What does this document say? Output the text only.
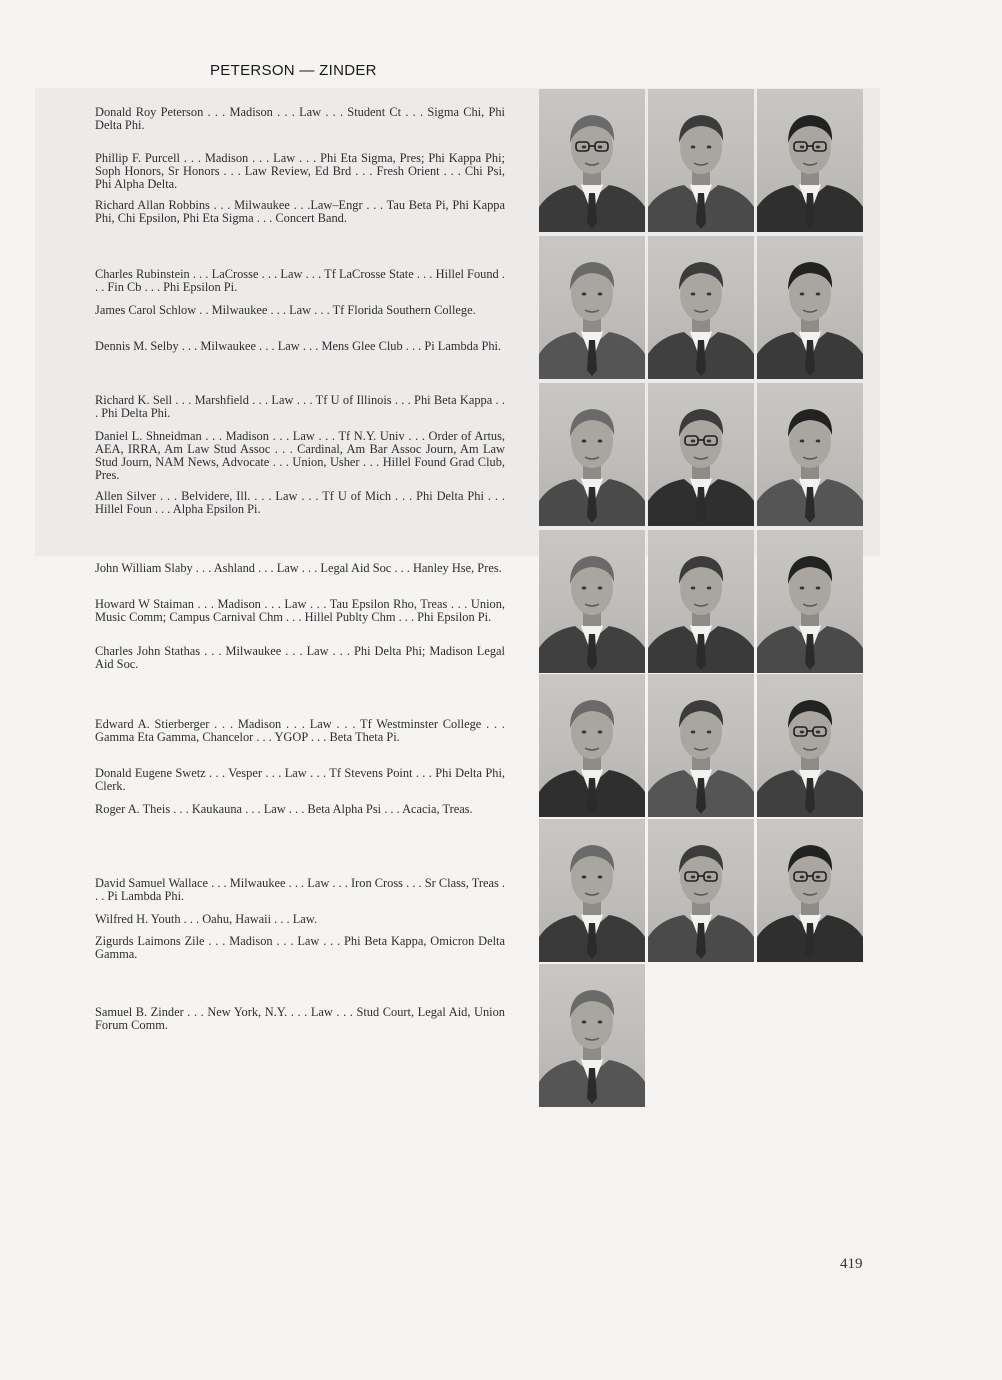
PETERSON — ZINDER

Donald Roy Peterson . . . Madison . . . Law . . . Student Ct . . . Sigma Chi, Phi Delta Phi.

Phillip F. Purcell . . . Madison . . . Law . . . Phi Eta Sigma, Pres; Phi Kappa Phi; Soph Honors, Sr Honors . . . Law Review, Ed Brd . . . Fresh Orient . . . Chi Psi, Phi Alpha Delta.

Richard Allan Robbins . . . Milwaukee . . .Law–Engr . . . Tau Beta Pi, Phi Kappa Phi, Chi Epsilon, Phi Eta Sigma . . . Concert Band.

Charles Rubinstein . . . LaCrosse . . . Law . . . Tf LaCrosse State . . . Hillel Found . . . Fin Cb . . . Phi Epsilon Pi.

James Carol Schlow . . Milwaukee . . . Law . . . Tf Florida Southern College.

Dennis M. Selby . . . Milwaukee . . . Law . . . Mens Glee Club . . . Pi Lambda Phi.

Richard K. Sell . . . Marshfield . . . Law . . . Tf U of Illinois . . . Phi Beta Kappa . . . Phi Delta Phi.

Daniel L. Shneidman . . . Madison . . . Law . . . Tf N.Y. Univ . . . Order of Artus, AEA, IRRA, Am Law Stud Assoc . . . Cardinal, Am Bar Assoc Journ, Am Law Stud Journ, NAM News, Advocate . . . Union, Usher . . . Hillel Found Grad Club, Pres.

Allen Silver . . . Belvidere, Ill. . . . Law . . . Tf U of Mich . . . Phi Delta Phi . . . Hillel Foun . . . Alpha Epsilon Pi.

John William Slaby . . . Ashland . . . Law . . . Legal Aid Soc . . . Hanley Hse, Pres.

Howard W Staiman . . . Madison . . . Law . . . Tau Epsilon Rho, Treas . . . Union, Music Comm; Campus Carnival Chm . . . Hillel Publty Chm . . . Phi Epsilon Pi.

Charles John Stathas . . . Milwaukee . . . Law . . . Phi Delta Phi; Madison Legal Aid Soc.

Edward A. Stierberger . . . Madison . . . Law . . . Tf Westminster College . . . Gamma Eta Gamma, Chancelor . . . YGOP . . . Beta Theta Pi.

Donald Eugene Swetz . . . Vesper . . . Law . . . Tf Stevens Point . . . Phi Delta Phi, Clerk.

Roger A. Theis . . . Kaukauna . . . Law . . . Beta Alpha Psi . . . Acacia, Treas.

David Samuel Wallace . . . Milwaukee . . . Law . . . Iron Cross . . . Sr Class, Treas . . . Pi Lambda Phi.

Wilfred H. Youth . . . Oahu, Hawaii . . . Law.

Zigurds Laimons Zile . . . Madison . . . Law . . . Phi Beta Kappa, Omicron Delta Gamma.

Samuel B. Zinder . . . New York, N.Y. . . . Law . . . Stud Court, Legal Aid, Union Forum Comm.

419
